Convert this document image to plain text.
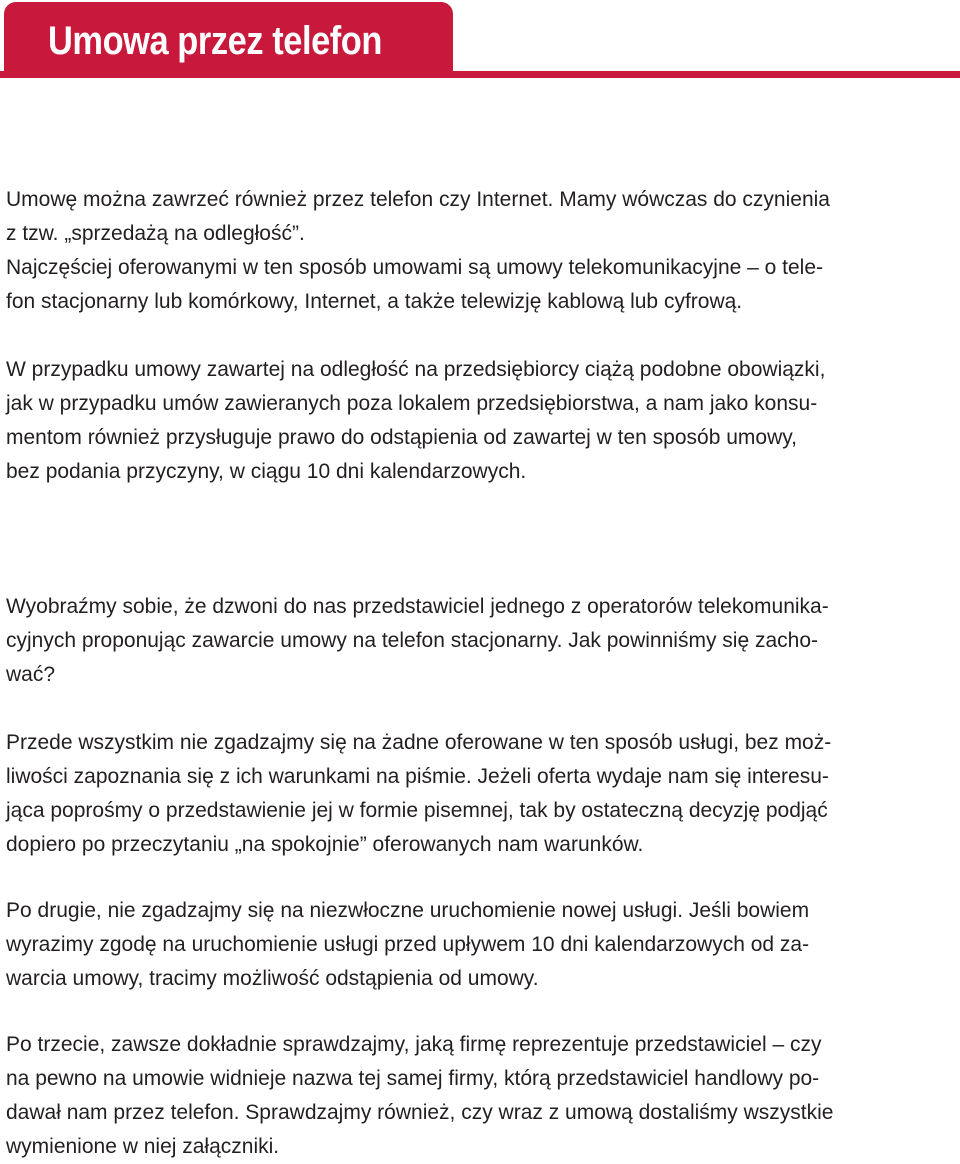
Umowa przez telefon
Umowę można zawrzeć również przez telefon czy Internet. Mamy wówczas do czynienia
z tzw. „sprzedażą na odległość”.
Najczęściej oferowanymi w ten sposób umowami są umowy telekomunikacyjne – o tele-
fon stacjonarny lub komórkowy, Internet, a także telewizję kablową lub cyfrową.
W przypadku umowy zawartej na odległość na przedsiębiorcy ciążą podobne obowiązki,
jak w przypadku umów zawieranych poza lokalem przedsiębiorstwa, a nam jako konsu-
mentom również przysługuje prawo do odstąpienia od zawartej w ten sposób umowy,
bez podania przyczyny, w ciągu 10 dni kalendarzowych.
Wyobraźmy sobie, że dzwoni do nas przedstawiciel jednego z operatorów telekomunika-
cyjnych proponując zawarcie umowy na telefon stacjonarny. Jak powinniśmy się zacho-
wać?
Przede wszystkim nie zgadzajmy się na żadne oferowane w ten sposób usługi, bez moż-
liwości zapoznania się z ich warunkami na piśmie. Jeżeli oferta wydaje nam się interesu-
jąca poprośmy o przedstawienie jej w formie pisemnej, tak by ostateczną decyzję podjąć
dopiero po przeczytaniu „na spokojnie” oferowanych nam warunków.
Po drugie, nie zgadzajmy się na niezwłoczne uruchomienie nowej usługi. Jeśli bowiem
wyrazimy zgodę na uruchomienie usługi przed upływem 10 dni kalendarzowych od za-
warcia umowy, tracimy możliwość odstąpienia od umowy.
Po trzecie, zawsze dokładnie sprawdzajmy, jaką firmę reprezentuje przedstawiciel – czy
na pewno na umowie widnieje nazwa tej samej firmy, którą przedstawiciel handlowy po-
dawał nam przez telefon. Sprawdzajmy również, czy wraz z umową dostaliśmy wszystkie
wymienione w niej załączniki.
